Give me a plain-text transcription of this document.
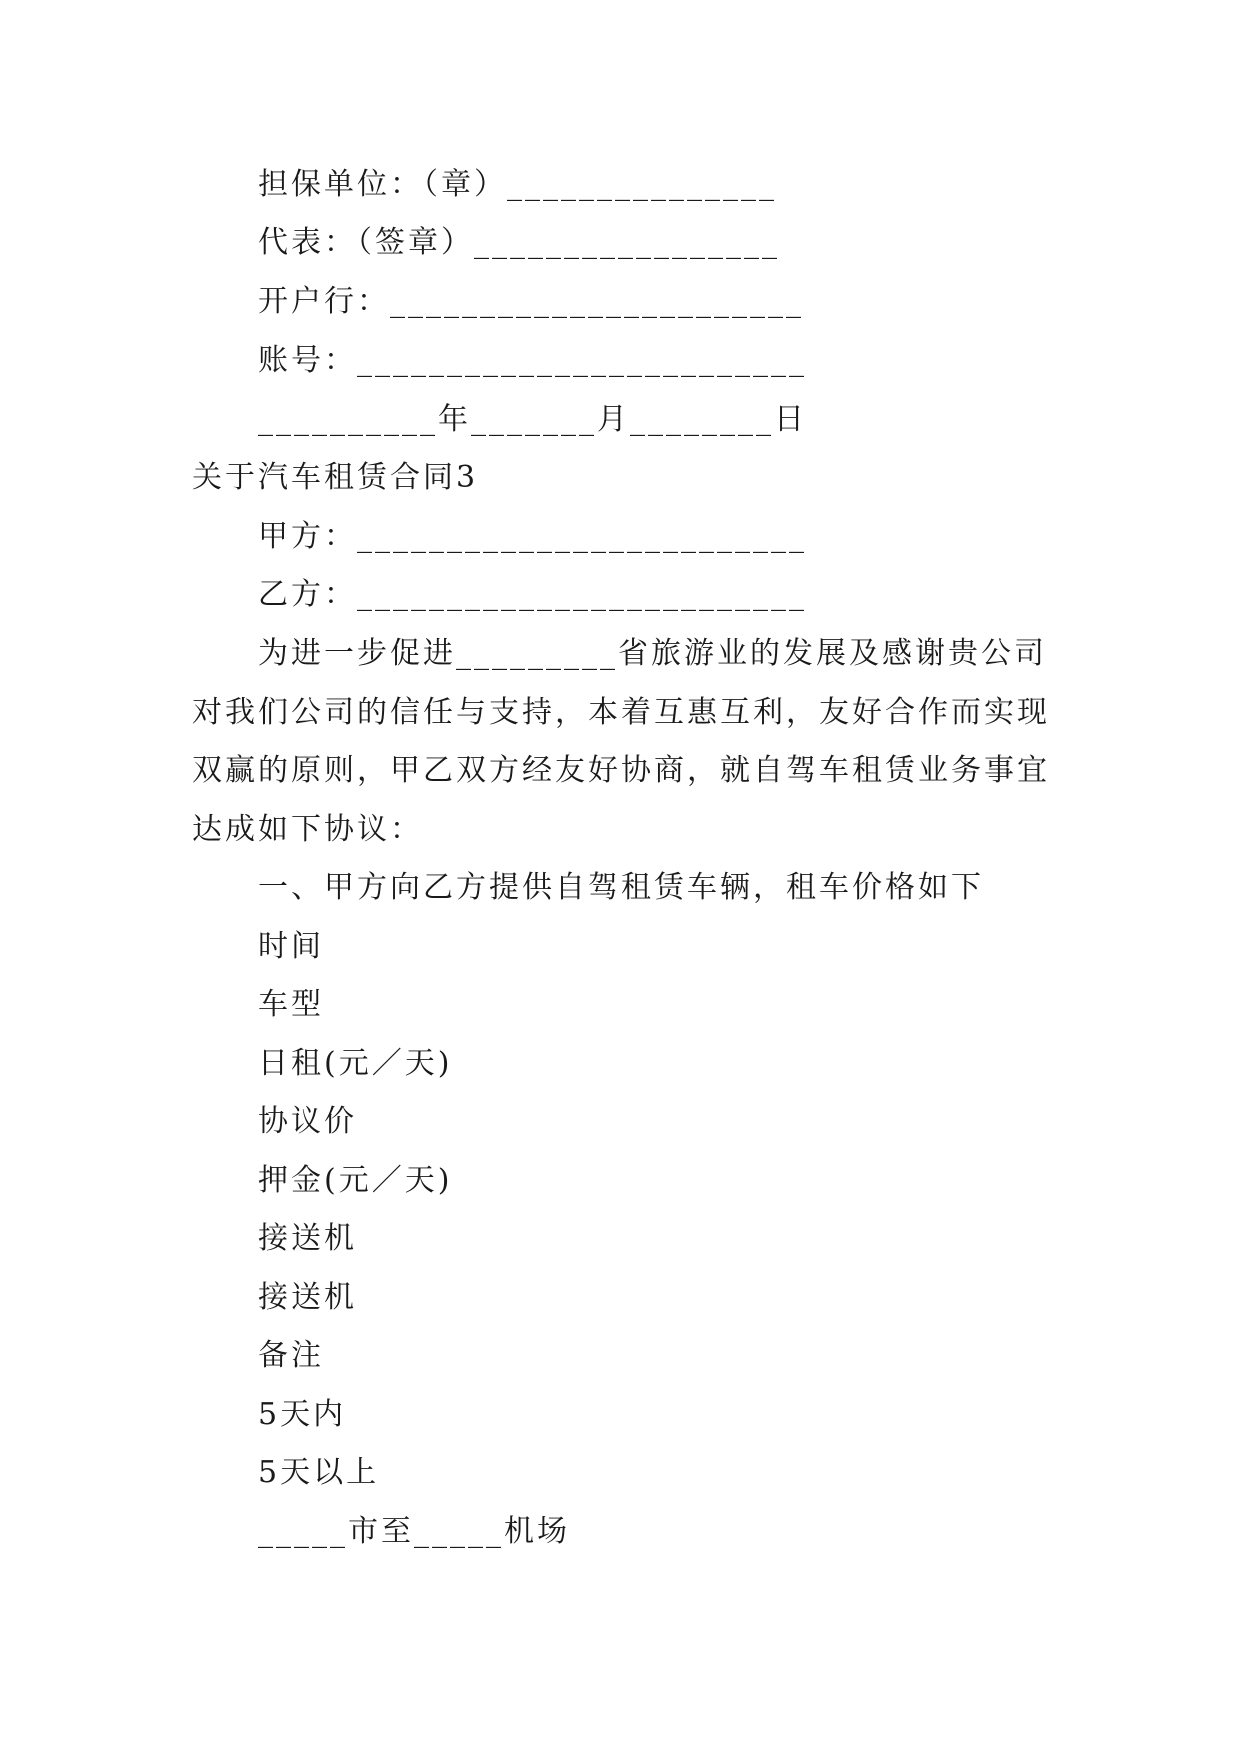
担保单位：（章）_______________
代表：（签章）_________________
开户行：_______________________
账号：_________________________
__________年_______月________日
关于汽车租赁合同3
甲方：_________________________
乙方：_________________________
为进一步促进_________省旅游业的发展及感谢贵公司
对我们公司的信任与支持，本着互惠互利，友好合作而实现
双赢的原则，甲乙双方经友好协商，就自驾车租赁业务事宜
达成如下协议：
一、甲方向乙方提供自驾租赁车辆，租车价格如下
时间
车型
日租(元／天)
协议价
押金(元／天)
接送机
接送机
备注
5天内
5天以上
_____市至_____机场
